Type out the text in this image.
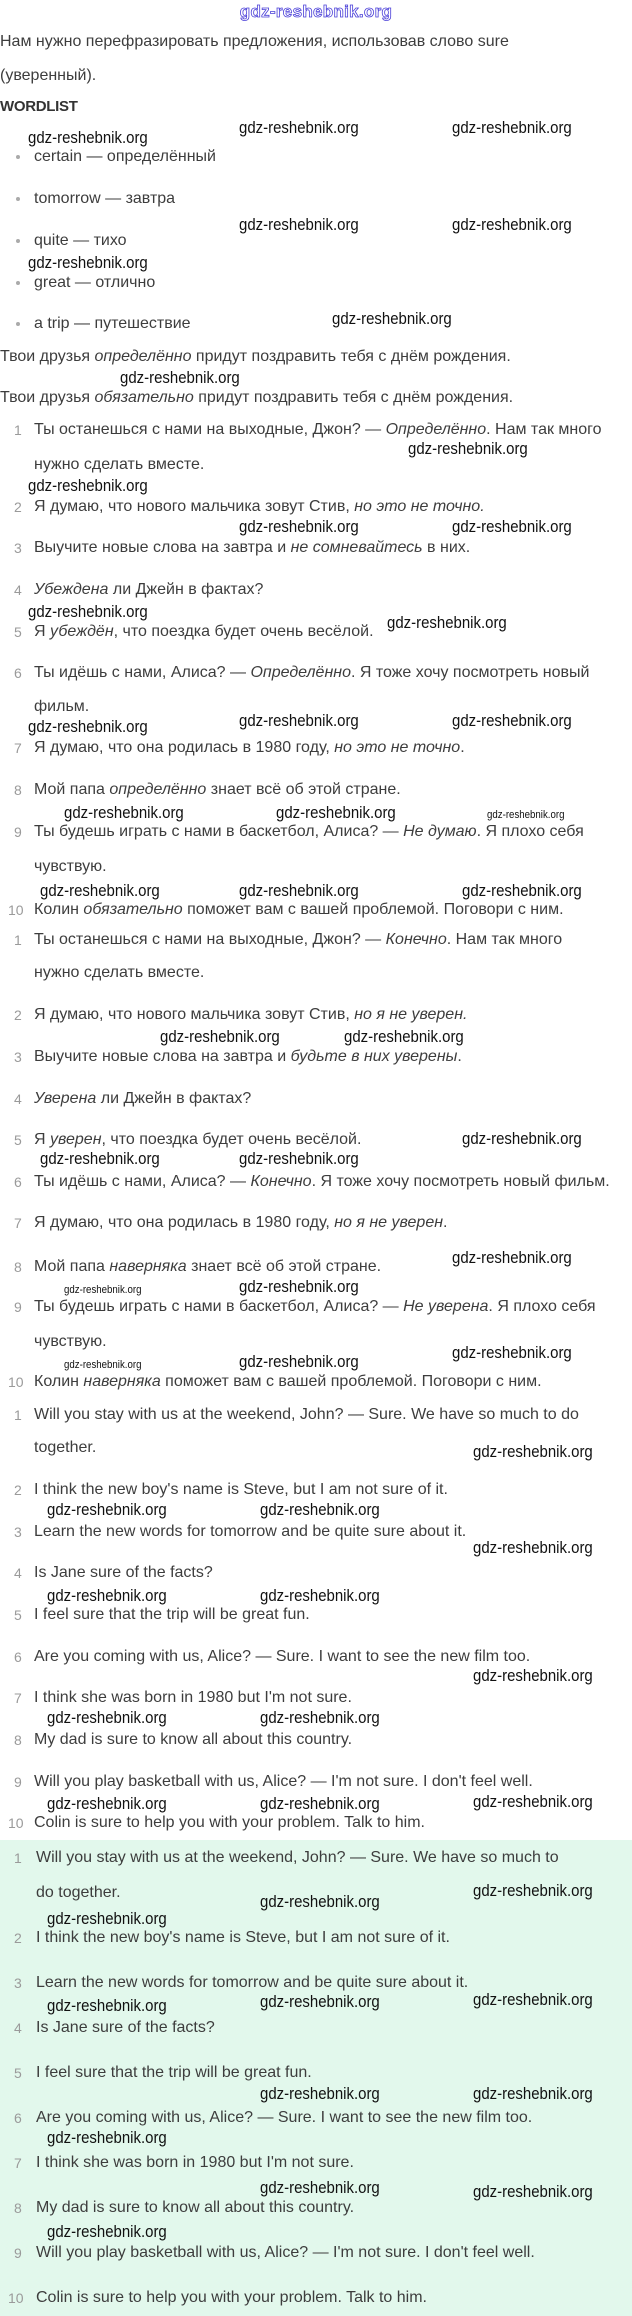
gdz-reshebnik.org
Нам нужно перефразировать предложения, использовав слово sure
(уверенный).
WORDLIST
certain — определённый
tomorrow — завтра
quite — тихо
great — отлично
a trip — путешествие
Твои друзья определённо придут поздравить тебя с днём рождения.
Твои друзья обязательно придут поздравить тебя с днём рождения.
1 Ты останешься с нами на выходные, Джон? — Определённо. Нам так много
нужно сделать вместе.
2 Я думаю, что нового мальчика зовут Стив, но это не точно.
3 Выучите новые слова на завтра и не сомневайтесь в них.
4 Убеждена ли Джейн в фактах?
5 Я убеждён, что поездка будет очень весёлой.
6 Ты идёшь с нами, Алиса? — Определённо. Я тоже хочу посмотреть новый
фильм.
7 Я думаю, что она родилась в 1980 году, но это не точно.
8 Мой папа определённо знает всё об этой стране.
9 Ты будешь играть с нами в баскетбол, Алиса? — Не думаю. Я плохо себя
чувствую.
10 Колин обязательно поможет вам с вашей проблемой. Поговори с ним.
1 Ты останешься с нами на выходные, Джон? — Конечно. Нам так много
нужно сделать вместе.
2 Я думаю, что нового мальчика зовут Стив, но я не уверен.
3 Выучите новые слова на завтра и будьте в них уверены.
4 Уверена ли Джейн в фактах?
5 Я уверен, что поездка будет очень весёлой.
6 Ты идёшь с нами, Алиса? — Конечно. Я тоже хочу посмотреть новый фильм.
7 Я думаю, что она родилась в 1980 году, но я не уверен.
8 Мой папа наверняка знает всё об этой стране.
9 Ты будешь играть с нами в баскетбол, Алиса? — Не уверена. Я плохо себя
чувствую.
10 Колин наверняка поможет вам с вашей проблемой. Поговори с ним.
1 Will you stay with us at the weekend, John? — Sure. We have so much to do
together.
2 I think the new boy's name is Steve, but I am not sure of it.
3 Learn the new words for tomorrow and be quite sure about it.
4 Is Jane sure of the facts?
5 I feel sure that the trip will be great fun.
6 Are you coming with us, Alice? — Sure. I want to see the new film too.
7 I think she was born in 1980 but I'm not sure.
8 My dad is sure to know all about this country.
9 Will you play basketball with us, Alice? — I'm not sure. I don't feel well.
10 Colin is sure to help you with your problem. Talk to him.
1 Will you stay with us at the weekend, John? — Sure. We have so much to
do together.
2 I think the new boy's name is Steve, but I am not sure of it.
3 Learn the new words for tomorrow and be quite sure about it.
4 Is Jane sure of the facts?
5 I feel sure that the trip will be great fun.
6 Are you coming with us, Alice? — Sure. I want to see the new film too.
7 I think she was born in 1980 but I'm not sure.
8 My dad is sure to know all about this country.
9 Will you play basketball with us, Alice? — I'm not sure. I don't feel well.
10 Colin is sure to help you with your problem. Talk to him.
gdz-reshebnik.org	gdz-reshebnik.org
gdz-reshebnik.org
gdz-reshebnik.org	gdz-reshebnik.org
gdz-reshebnik.org
gdz-reshebnik.org
gdz-reshebnik.org
gdz-reshebnik.org
gdz-reshebnik.org
gdz-reshebnik.org	gdz-reshebnik.org
gdz-reshebnik.org
gdz-reshebnik.org
gdz-reshebnik.org	gdz-reshebnik.org	gdz-reshebnik.org
gdz-reshebnik.org	gdz-reshebnik.org
gdz-reshebnik.org	gdz-reshebnik.org	gdz-reshebnik.org
gdz-reshebnik.org	gdz-reshebnik.org
gdz-reshebnik.org
gdz-reshebnik.org	gdz-reshebnik.org
gdz-reshebnik.org
gdz-reshebnik.org
gdz-reshebnik.org
gdz-reshebnik.org
gdz-reshebnik.org
gdz-reshebnik.org	gdz-reshebnik.org
gdz-reshebnik.org
gdz-reshebnik.org	gdz-reshebnik.org
gdz-reshebnik.org
gdz-reshebnik.org	gdz-reshebnik.org
gdz-reshebnik.org
gdz-reshebnik.org	gdz-reshebnik.org
gdz-reshebnik.org
gdz-reshebnik.org
gdz-reshebnik.org
gdz-reshebnik.org	gdz-reshebnik.org
gdz-reshebnik.org
gdz-reshebnik.org	gdz-reshebnik.org
gdz-reshebnik.org
gdz-reshebnik.org	gdz-reshebnik.org
gdz-reshebnik.org
gdz-reshebnik.org
gdz-reshebnik.org
gdz-reshebnik.org
